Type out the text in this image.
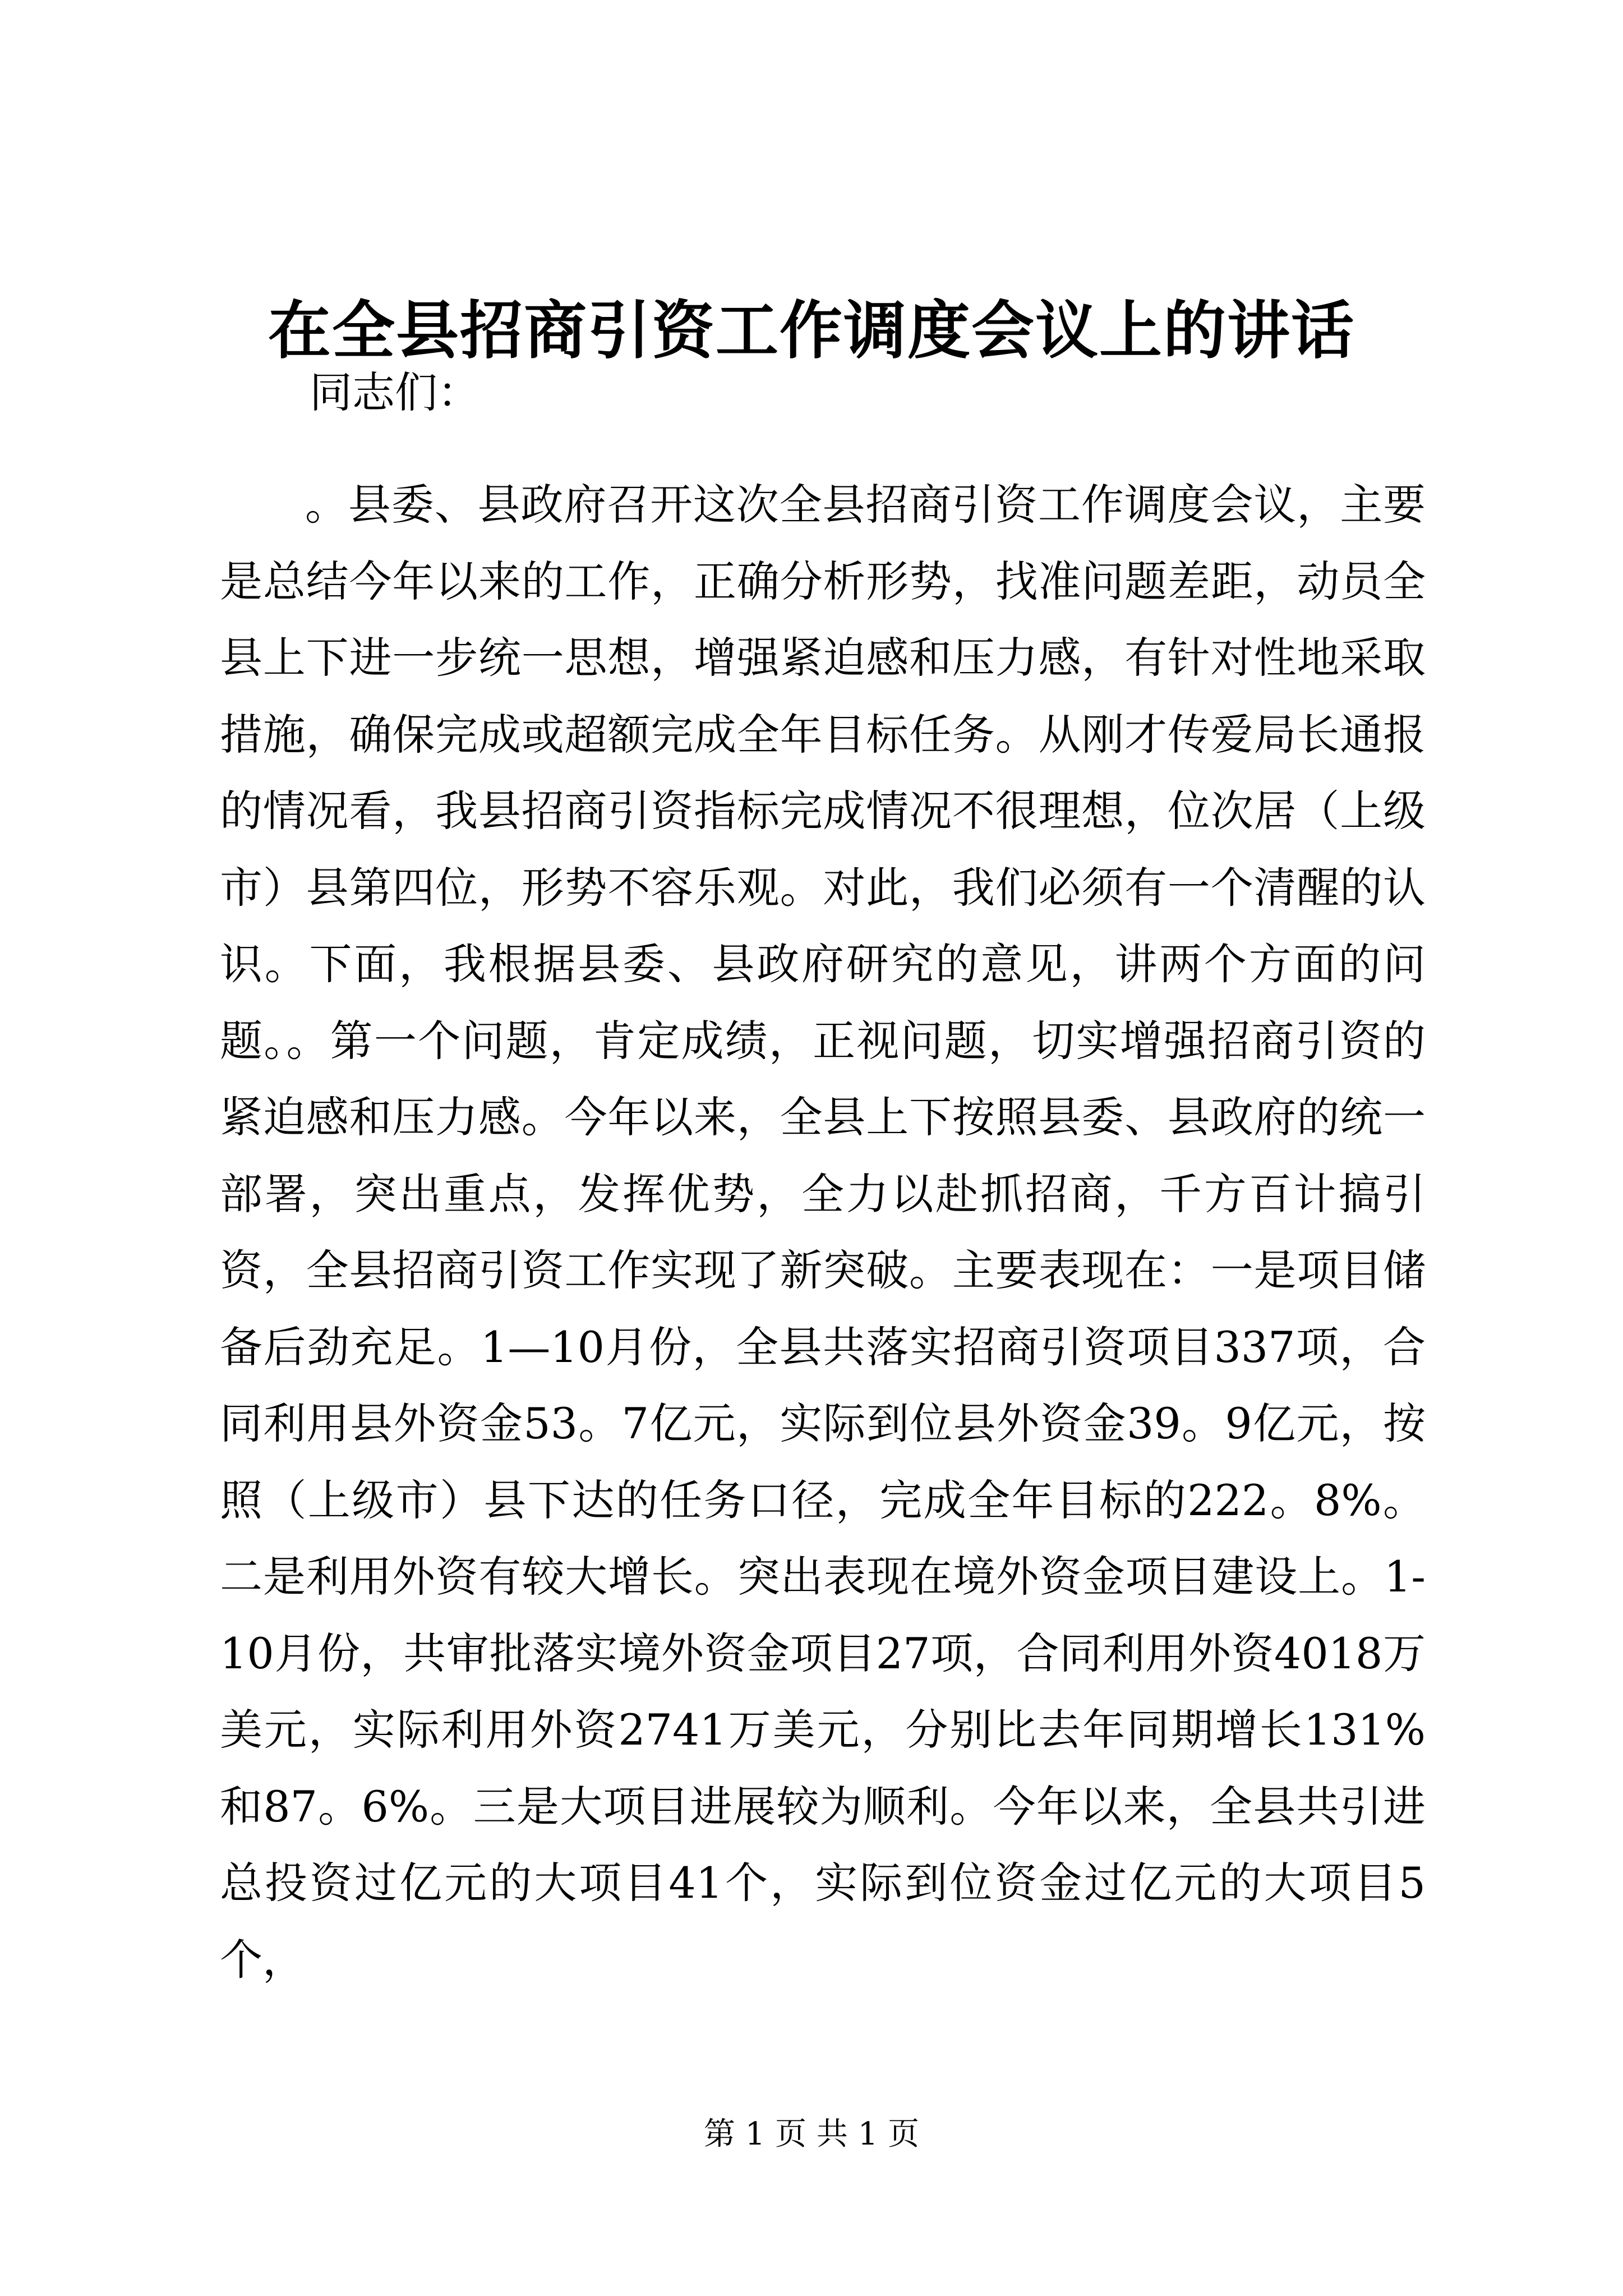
在全县招商引资工作调度会议上的讲话
同志们：

。县委、县政府召开这次全县招商引资工作调度会议，主要是总结今年以来的工作，正确分析形势，找准问题差距，动员全县上下进一步统一思想，增强紧迫感和压力感，有针对性地采取措施，确保完成或超额完成全年目标任务。从刚才传爱局长通报的情况看，我县招商引资指标完成情况不很理想，位次居（上级市）县第四位，形势不容乐观。对此，我们必须有一个清醒的认识。下面，我根据县委、县政府研究的意见，讲两个方面的问题。。第一个问题，肯定成绩，正视问题，切实增强招商引资的紧迫感和压力感。今年以来，全县上下按照县委、县政府的统一部署，突出重点，发挥优势，全力以赴抓招商，千方百计搞引资，全县招商引资工作实现了新突破。主要表现在：一是项目储备后劲充足。1—10月份，全县共落实招商引资项目337项，合同利用县外资金53。7亿元，实际到位县外资金39。9亿元，按照（上级市）县下达的任务口径，完成全年目标的222。8%。二是利用外资有较大增长。突出表现在境外资金项目建设上。1-10月份，共审批落实境外资金项目27项，合同利用外资4018万美元，实际利用外资2741万美元，分别比去年同期增长131%和87。6%。三是大项目进展较为顺利。今年以来，全县共引进总投资过亿元的大项目41个，实际到位资金过亿元的大项目5个，

第 1 页 共 1 页
